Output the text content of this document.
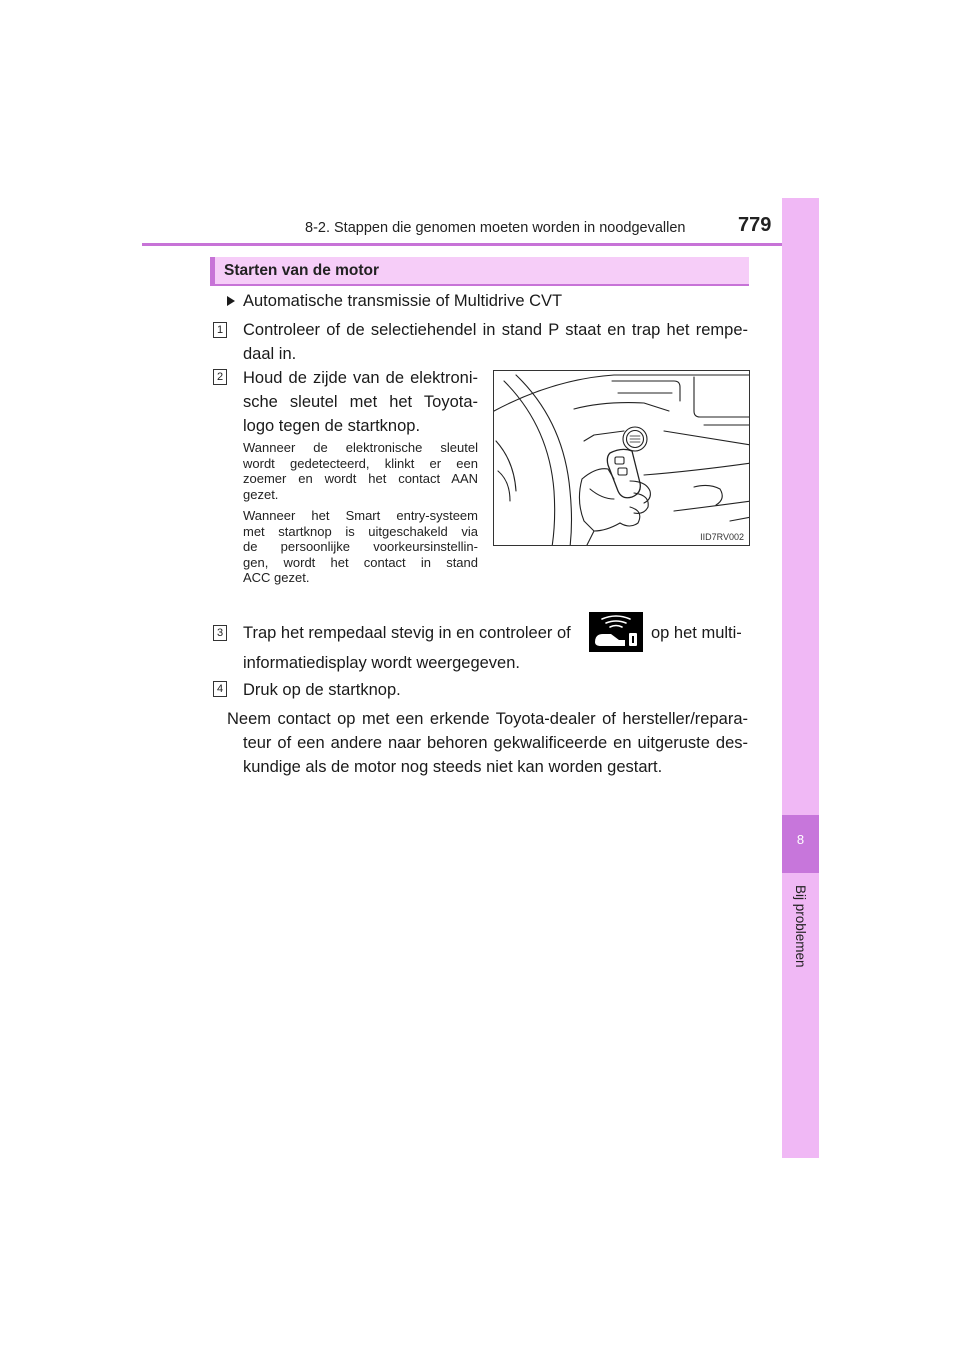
8-2. Stappen die genomen moeten worden in noodgevallen	779
8
Bij problemen
Starten van de motor
Automatische transmissie of Multidrive CVT
1 Controleer of de selectiehendel in stand P staat en trap het rempe-
daal in.
2 Houd de zijde van de elektroni-
sche sleutel met het Toyota-
logo tegen de startknop.
Wanneer de elektronische sleutel
wordt gedetecteerd, klinkt er een
zoemer en wordt het contact AAN
gezet.
Wanneer het Smart entry-systeem
met startknop is uitgeschakeld via
de persoonlijke voorkeursinstellin-
gen, wordt het contact in stand
ACC gezet.
IID7RV002
3 Trap het rempedaal stevig in en controleer of	op het multi-
informatiedisplay wordt weergegeven.
4 Druk op de startknop.
Neem contact op met een erkende Toyota-dealer of hersteller/repara-
teur of een andere naar behoren gekwalificeerde en uitgeruste des-
kundige als de motor nog steeds niet kan worden gestart.
